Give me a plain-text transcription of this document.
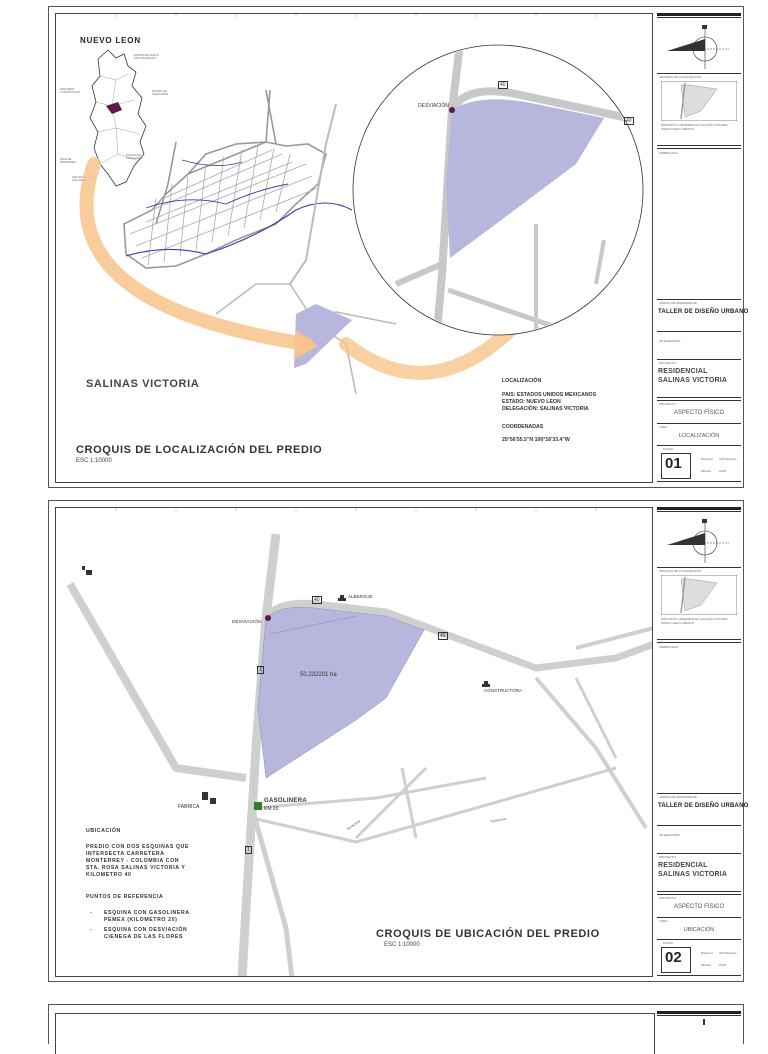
ESTADO DE NUEVO
LEON DE MEXICO
FRONTERA
CONSTITUCION
ZONA DE
MONTERREY
ESTADO DE
TAMAULIPAS
ESTADO DE
TAMAULIPAS
SAN NICOLAS DE
LOS GARZA
NUEVO LEON
SALINAS VICTORIA
DESVIACIÓN
40
40
LOCALIZACIÓN
PAIS: ESTADOS UNIDOS MEXICANOS
ESTADO: NUEVO LEON
DELEGACIÓN: SALINAS VICTORIA
COORDENADAS
25°56'55.5"N 100°16'33.4"W
CROQUIS DE LOCALIZACIÓN DEL PREDIO
ESC 1:10000
CROQUIS DE LOCALIZACIÓN
PROYECTO: RESIDENCIAL SALINAS VICTORIA
NUEVO LEON, MEXICO
SIMBOLOGIA
UNIDAD DE APRENDIZAJE
TALLER DE DISEÑO URBANO
INTEGRANTES
PROYECTO
RESIDENCIAL SALINAS VICTORIA
PROYECTO
ASPECTO FÍSICO
TEMA
LOCALIZACIÓN
PLANO
01	ESCALA SIN ESCALA
FECHA	2018
ALBERGUE
DESVIACIÓN
40
40
1
1
CONSTRUCTORA
50,232201 ha
GASOLINERA
KM 20
FABRICA
Terraceria	Terraceria
UBICACIÓN
PREDIO CON DOS ESQUINAS QUE
INTERSECTA CARRETERA
MONTERREY - COLOMBIA CON
STA. ROSA SALINAS VICTORIA Y
KILOMETRO 40
PUNTOS DE REFERENCIA
- ESQUINA CON GASOLINERA
PEMEX (KILOMETRO 20)
- ESQUINA CON DESVIACIÓN
CIENEGA DE LAS FLORES	CROQUIS DE UBICACIÓN DEL PREDIO
ESC 1:10000
CROQUIS DE LOCALIZACIÓN
PROYECTO: RESIDENCIAL SALINAS VICTORIA
NUEVO LEON, MEXICO
SIMBOLOGIA
UNIDAD DE APRENDIZAJE
TALLER DE DISEÑO URBANO
INTEGRANTES
PROYECTO
RESIDENCIAL SALINAS VICTORIA
PROYECTO
ASPECTO FÍSICO
TEMA
UBICACIÓN
PLANO
02	ESCALA SIN ESCALA
FECHA	2018
